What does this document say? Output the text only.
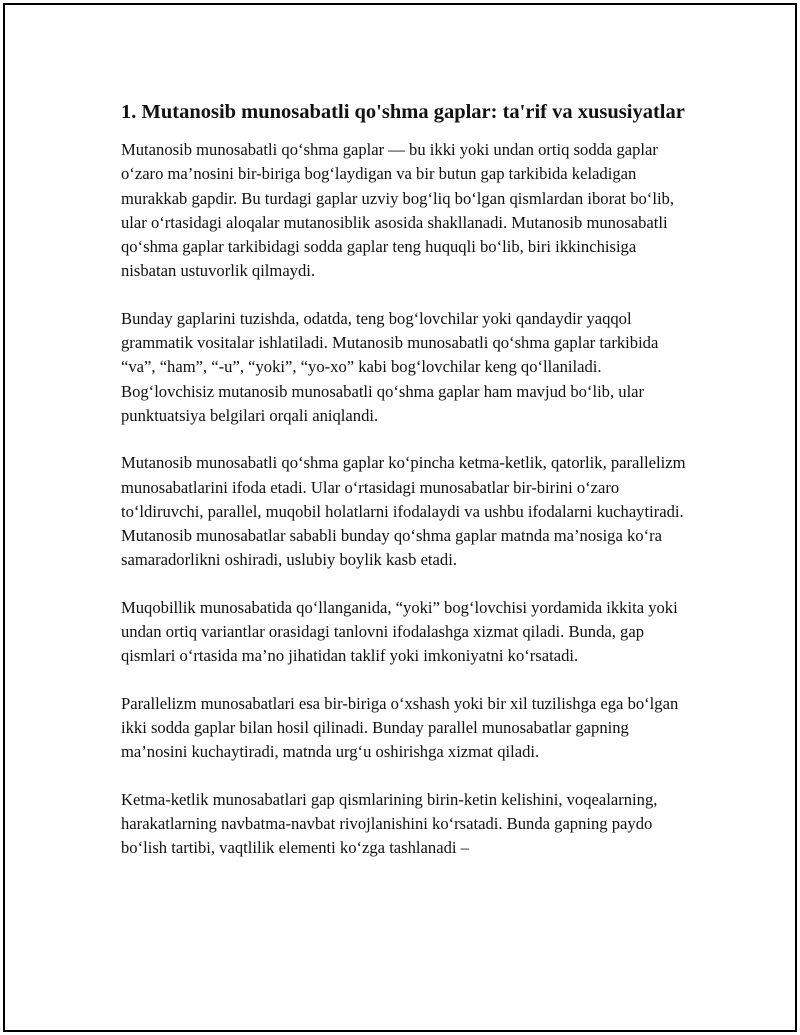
1. Mutanosib munosabatli qo'shma gaplar: ta'rif va xususiyatlar

Mutanosib munosabatli qo‘shma gaplar — bu ikki yoki undan ortiq sodda gaplar o‘zaro ma’nosini bir-biriga bog‘laydigan va bir butun gap tarkibida keladigan murakkab gapdir. Bu turdagi gaplar uzviy bog‘liq bo‘lgan qismlardan iborat bo‘lib, ular o‘rtasidagi aloqalar mutanosiblik asosida shakllanadi. Mutanosib munosabatli qo‘shma gaplar tarkibidagi sodda gaplar teng huquqli bo‘lib, biri ikkinchisiga nisbatan ustuvorlik qilmaydi.

Bunday gaplarini tuzishda, odatda, teng bog‘lovchilar yoki qandaydir yaqqol grammatik vositalar ishlatiladi. Mutanosib munosabatli qo‘shma gaplar tarkibida “va”, “ham”, “-u”, “yoki”, “yo-xo” kabi bog‘lovchilar keng qo‘llaniladi. Bog‘lovchisiz mutanosib munosabatli qo‘shma gaplar ham mavjud bo‘lib, ular punktuatsiya belgilari orqali aniqlandi.

Mutanosib munosabatli qo‘shma gaplar ko‘pincha ketma-ketlik, qatorlik, parallelizm munosabatlarini ifoda etadi. Ular o‘rtasidagi munosabatlar bir-birini o‘zaro to‘ldiruvchi, parallel, muqobil holatlarni ifodalaydi va ushbu ifodalarni kuchaytiradi. Mutanosib munosabatlar sababli bunday qo‘shma gaplar matnda ma’nosiga ko‘ra samaradorlikni oshiradi, uslubiy boylik kasb etadi.

Muqobillik munosabatida qo‘llanganida, “yoki” bog‘lovchisi yordamida ikkita yoki undan ortiq variantlar orasidagi tanlovni ifodalashga xizmat qiladi. Bunda, gap qismlari o‘rtasida ma’no jihatidan taklif yoki imkoniyatni ko‘rsatadi.

Parallelizm munosabatlari esa bir-biriga o‘xshash yoki bir xil tuzilishga ega bo‘lgan ikki sodda gaplar bilan hosil qilinadi. Bunday parallel munosabatlar gapning ma’nosini kuchaytiradi, matnda urg‘u oshirishga xizmat qiladi.

Ketma-ketlik munosabatlari gap qismlarining birin-ketin kelishini, voqealarning, harakatlarning navbatma-navbat rivojlanishini ko‘rsatadi. Bunda gapning paydo bo‘lish tartibi, vaqtlilik elementi ko‘zga tashlanadi –
